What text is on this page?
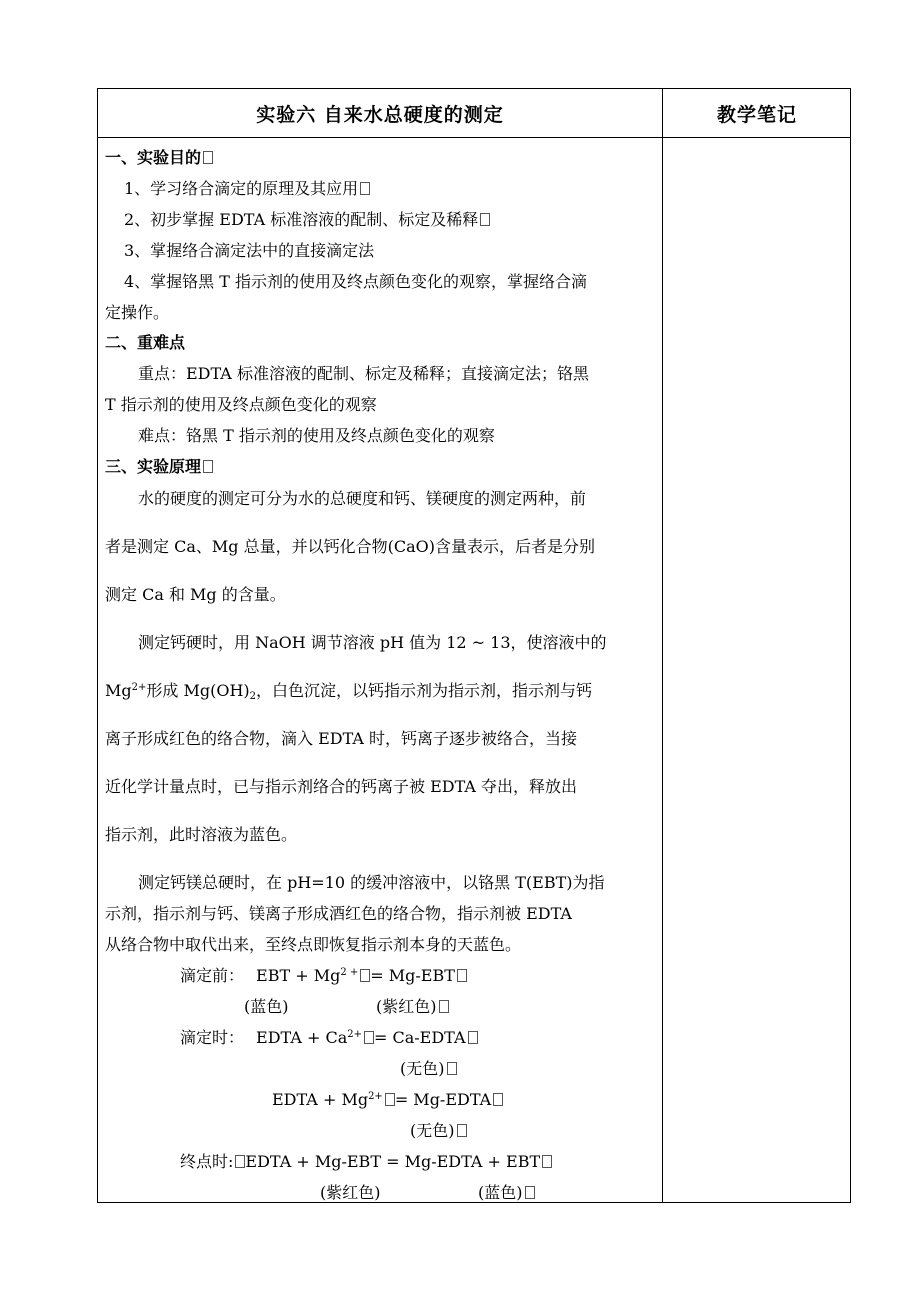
实验六 自来水总硬度的测定	教学笔记
一、实验目的
1、学习络合滴定的原理及其应用
2、初步掌握 EDTA 标准溶液的配制、标定及稀释
3、掌握络合滴定法中的直接滴定法
4、掌握铬黑 T 指示剂的使用及终点颜色变化的观察，掌握络合滴
定操作。
二、重难点
重点：EDTA 标准溶液的配制、标定及稀释；直接滴定法；铬黑
T 指示剂的使用及终点颜色变化的观察
难点：铬黑 T 指示剂的使用及终点颜色变化的观察
三、实验原理
水的硬度的测定可分为水的总硬度和钙、镁硬度的测定两种，前
者是测定 Ca、Mg 总量，并以钙化合物(CaO)含量表示，后者是分别
测定 Ca 和 Mg 的含量。
测定钙硬时，用 NaOH 调节溶液 pH 值为 12 ~ 13，使溶液中的
$Mg^{2+}$形成 $Mg(OH)_2$，白色沉淀，以钙指示剂为指示剂，指示剂与钙
离子形成红色的络合物，滴入 EDTA 时，钙离子逐步被络合，当接
近化学计量点时，已与指示剂络合的钙离子被 EDTA 夺出，释放出
指示剂，此时溶液为蓝色。
测定钙镁总硬时，在 pH=10 的缓冲溶液中，以铬黑 T(EBT)为指
示剂，指示剂与钙、镁离子形成酒红色的络合物，指示剂被 EDTA
从络合物中取代出来，至终点即恢复指示剂本身的天蓝色。
滴定前： EBT + $Mg^{2 +} = Mg-EBT$
(蓝色)	(紫红色)
滴定时： EDTA + $Ca^{2+}$ = Ca-EDTA
(无色)
EDTA + $Mg^{2+}$ = Mg-EDTA
(无色)
终点时: EDTA + Mg-EBT = Mg-EDTA + EBT
(紫红色)	(蓝色)
